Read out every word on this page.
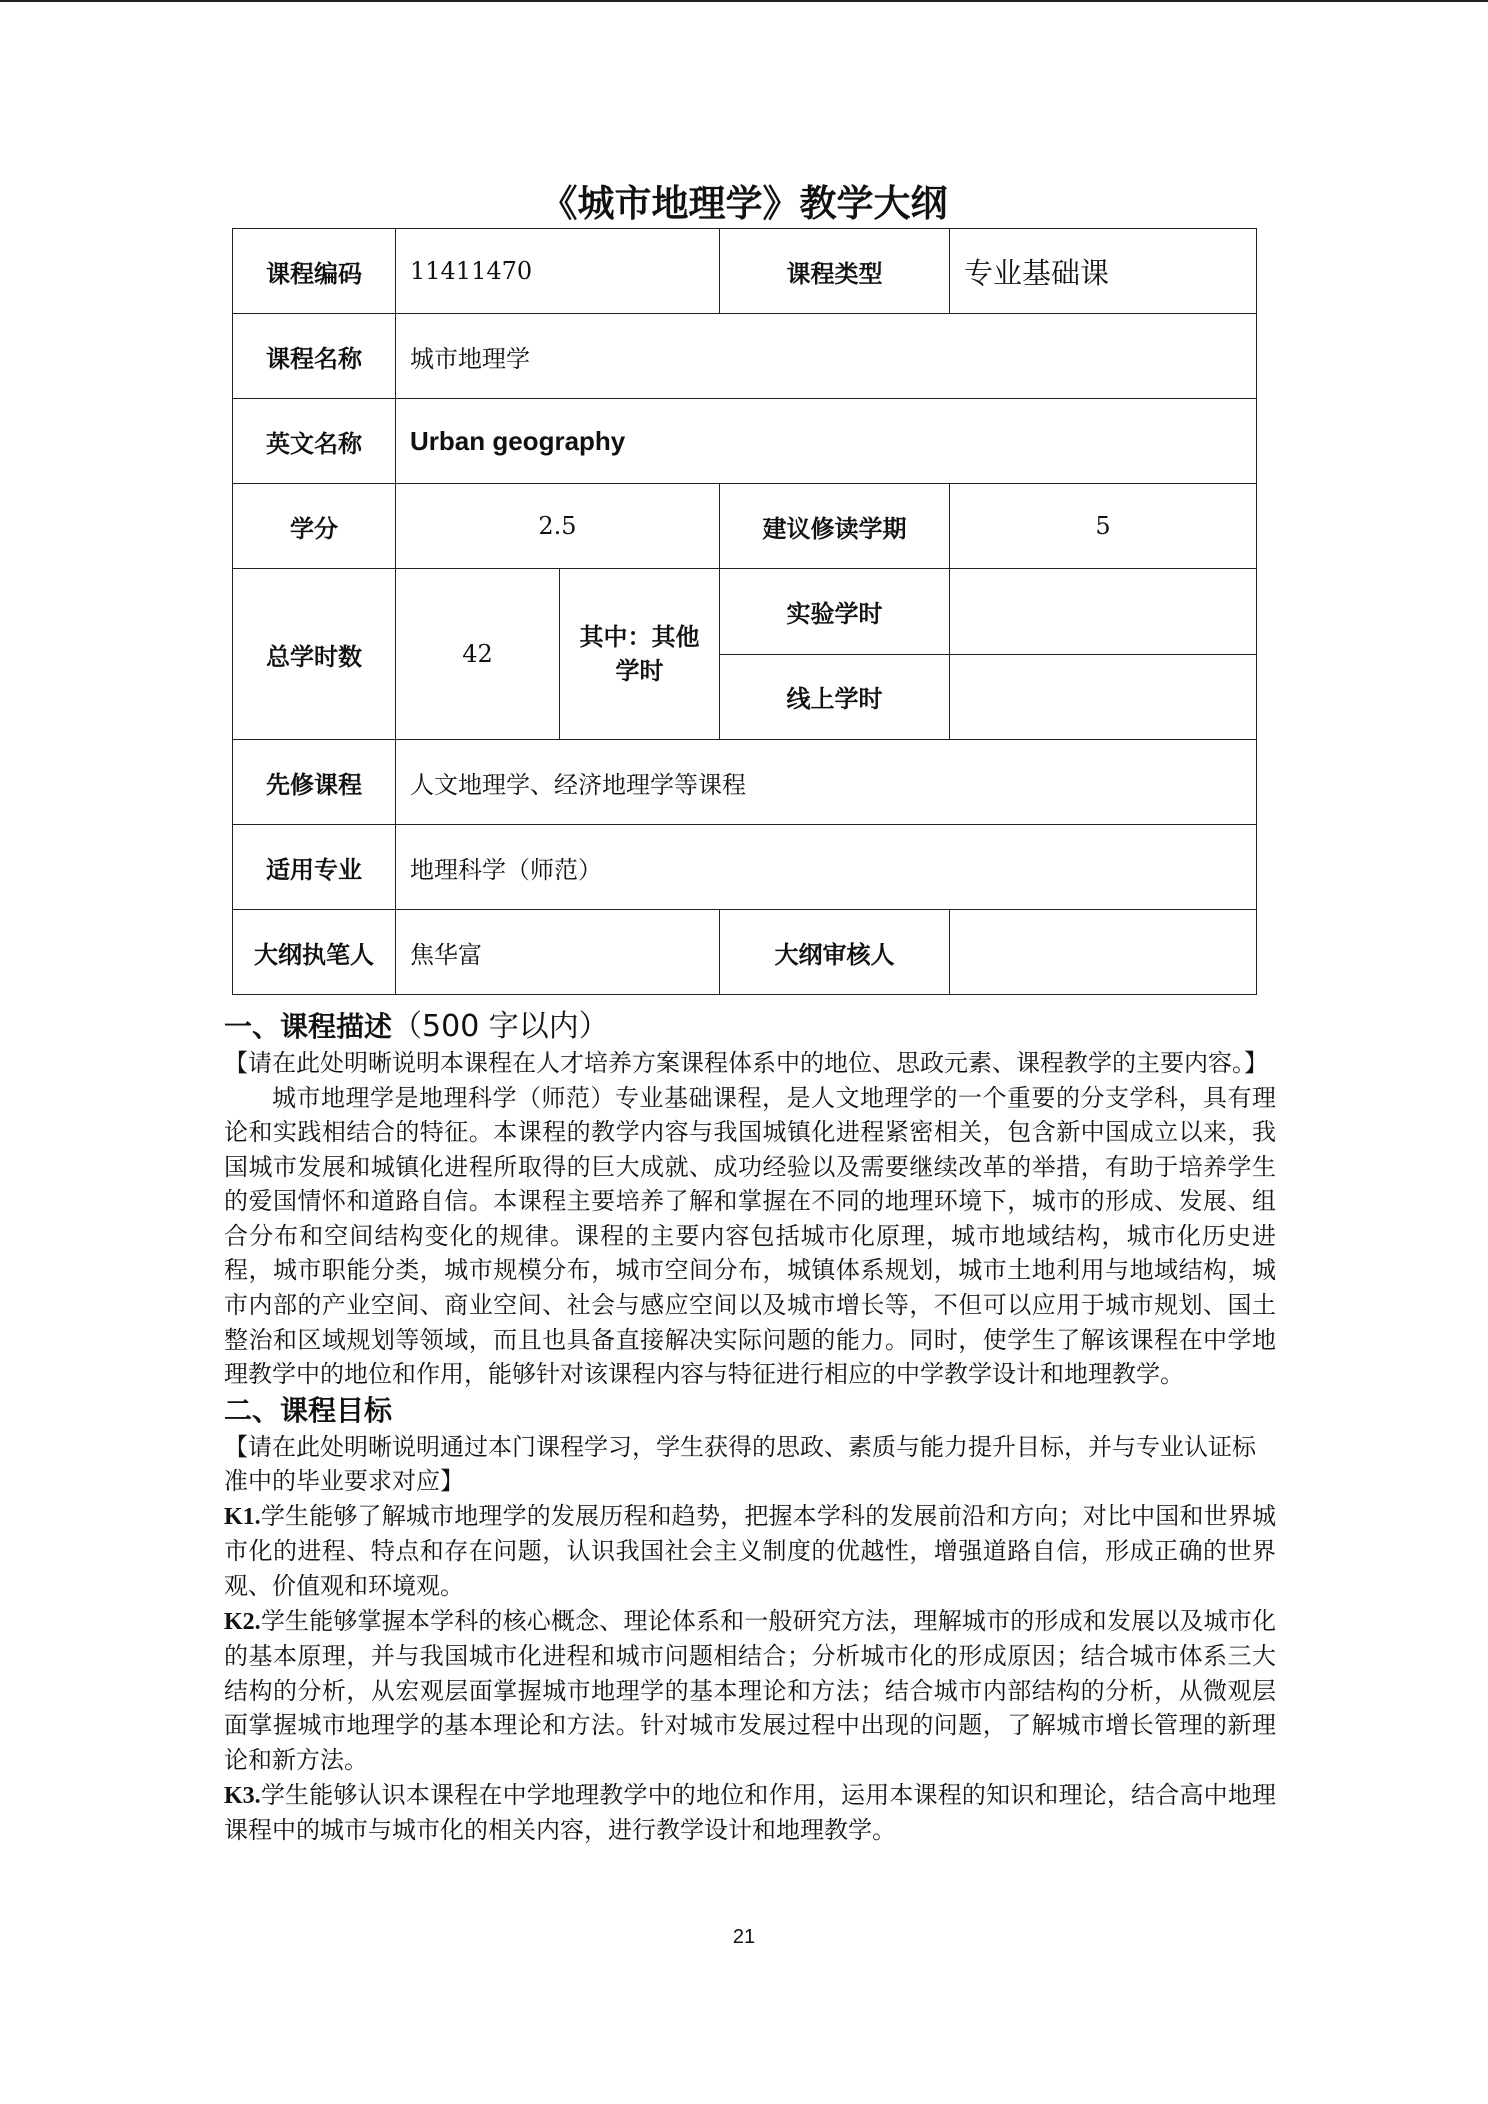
《城市地理学》教学大纲
课程编码	11411470		课程类型	专业基础课
课程名称	城市地理学			
英文名称	Urban geography			
学分	2.5		建议修读学期	5
总学时数	42	其中：其他学时	实验学时	
			线上学时	
先修课程	人文地理学、经济地理学等课程			
适用专业	地理科学（师范）			
大纲执笔人	焦华富		大纲审核人	

一、课程描述（500 字以内）

【请在此处明晰说明本课程在人才培养方案课程体系中的地位、思政元素、课程教学的主要内容。】

城市地理学是地理科学（师范）专业基础课程，是人文地理学的一个重要的分支学科，具有理论和实践相结合的特征。本课程的教学内容与我国城镇化进程紧密相关，包含新中国成立以来，我国城市发展和城镇化进程所取得的巨大成就、成功经验以及需要继续改革的举措，有助于培养学生的爱国情怀和道路自信。本课程主要培养了解和掌握在不同的地理环境下，城市的形成、发展、组合分布和空间结构变化的规律。课程的主要内容包括城市化原理，城市地域结构，城市化历史进程，城市职能分类，城市规模分布，城市空间分布，城镇体系规划，城市土地利用与地域结构，城市内部的产业空间、商业空间、社会与感应空间以及城市增长等，不但可以应用于城市规划、国土整治和区域规划等领域，而且也具备直接解决实际问题的能力。同时，使学生了解该课程在中学地理教学中的地位和作用，能够针对该课程内容与特征进行相应的中学教学设计和地理教学。

二、课程目标

【请在此处明晰说明通过本门课程学习，学生获得的思政、素质与能力提升目标，并与专业认证标准中的毕业要求对应】

K1.学生能够了解城市地理学的发展历程和趋势，把握本学科的发展前沿和方向；对比中国和世界城市化的进程、特点和存在问题，认识我国社会主义制度的优越性，增强道路自信，形成正确的世界观、价值观和环境观。

K2.学生能够掌握本学科的核心概念、理论体系和一般研究方法，理解城市的形成和发展以及城市化的基本原理，并与我国城市化进程和城市问题相结合；分析城市化的形成原因；结合城市体系三大结构的分析，从宏观层面掌握城市地理学的基本理论和方法；结合城市内部结构的分析，从微观层面掌握城市地理学的基本理论和方法。针对城市发展过程中出现的问题，了解城市增长管理的新理论和新方法。

K3.学生能够认识本课程在中学地理教学中的地位和作用，运用本课程的知识和理论，结合高中地理课程中的城市与城市化的相关内容，进行教学设计和地理教学。

21
